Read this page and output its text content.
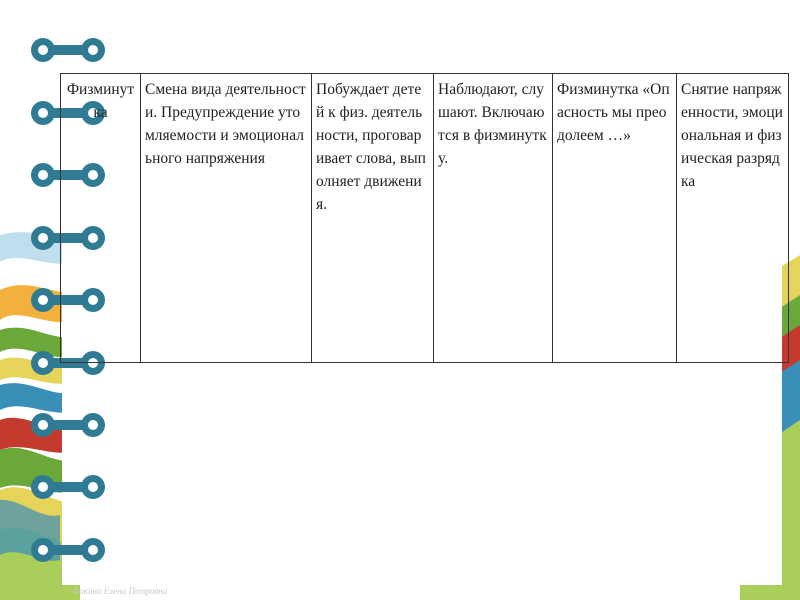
Физминутка	Смена вида деятельности. Предупреждение утомляемости и эмоционального напряжения	Побуждает детей к физ. деятельности, проговаривает слова, выполняет движения.	Наблюдают, слушают. Включаются в физминутку.	Физминутка «Опасность мы преодолеем …»	Снятие напряженности, эмоциональная и физическая разрядка
Фокина Елена Петровна
